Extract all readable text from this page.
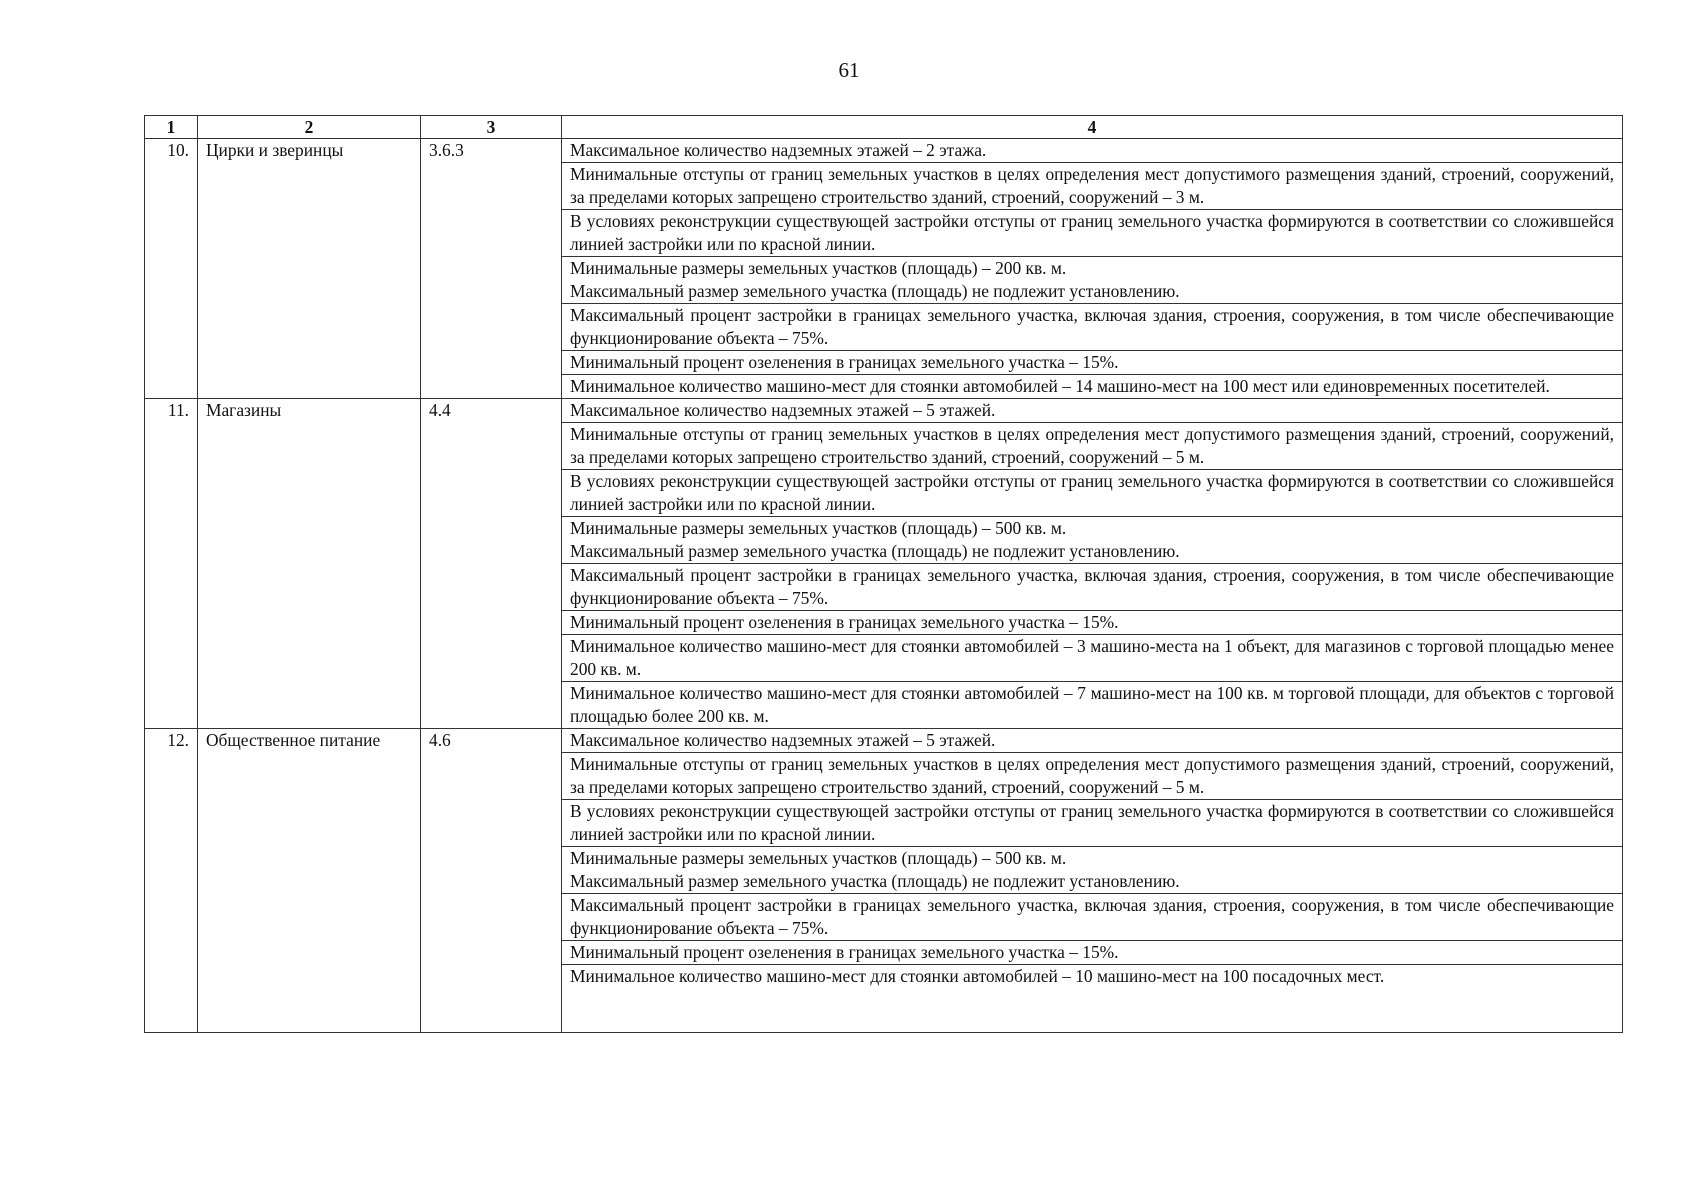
61
1	2	3	4
10.	Цирки и зверинцы	3.6.3	Максимальное количество надземных этажей – 2 этажа.
			Минимальные отступы от границ земельных участков в целях определения мест допустимого размещения зданий, строений, сооружений, за пределами которых запрещено строительство зданий, строений, сооружений – 3 м.
			В условиях реконструкции существующей застройки отступы от границ земельного участка формируются в соответствии со сложившейся линией застройки или по красной линии.
			Минимальные размеры земельных участков (площадь) – 200 кв. м.
Максимальный размер земельного участка (площадь) не подлежит установлению.
			Максимальный процент застройки в границах земельного участка, включая здания, строения, сооружения, в том числе обеспечивающие функционирование объекта – 75%.
			Минимальный процент озеленения в границах земельного участка – 15%.
			Минимальное количество машино-мест для стоянки автомобилей – 14 машино-мест на 100 мест или единовременных посетителей.
11.	Магазины	4.4	Максимальное количество надземных этажей – 5 этажей.
			Минимальные отступы от границ земельных участков в целях определения мест допустимого размещения зданий, строений, сооружений, за пределами которых запрещено строительство зданий, строений, сооружений – 5 м.
			В условиях реконструкции существующей застройки отступы от границ земельного участка формируются в соответствии со сложившейся линией застройки или по красной линии.
			Минимальные размеры земельных участков (площадь) – 500 кв. м.
Максимальный размер земельного участка (площадь) не подлежит установлению.
			Максимальный процент застройки в границах земельного участка, включая здания, строения, сооружения, в том числе обеспечивающие функционирование объекта – 75%.
			Минимальный процент озеленения в границах земельного участка – 15%.
			Минимальное количество машино-мест для стоянки автомобилей – 3 машино-места на 1 объект, для магазинов с торговой площадью менее 200 кв. м.
			Минимальное количество машино-мест для стоянки автомобилей – 7 машино-мест на 100 кв. м торговой площади, для объектов с торговой площадью более 200 кв. м.
12.	Общественное питание	4.6	Максимальное количество надземных этажей – 5 этажей.
			Минимальные отступы от границ земельных участков в целях определения мест допустимого размещения зданий, строений, сооружений, за пределами которых запрещено строительство зданий, строений, сооружений – 5 м.
			В условиях реконструкции существующей застройки отступы от границ земельного участка формируются в соответствии со сложившейся линией застройки или по красной линии.
			Минимальные размеры земельных участков (площадь) – 500 кв. м.
Максимальный размер земельного участка (площадь) не подлежит установлению.
			Максимальный процент застройки в границах земельного участка, включая здания, строения, сооружения, в том числе обеспечивающие функционирование объекта – 75%.
			Минимальный процент озеленения в границах земельного участка – 15%.
			Минимальное количество машино-мест для стоянки автомобилей – 10 машино-мест на 100 посадочных мест.
